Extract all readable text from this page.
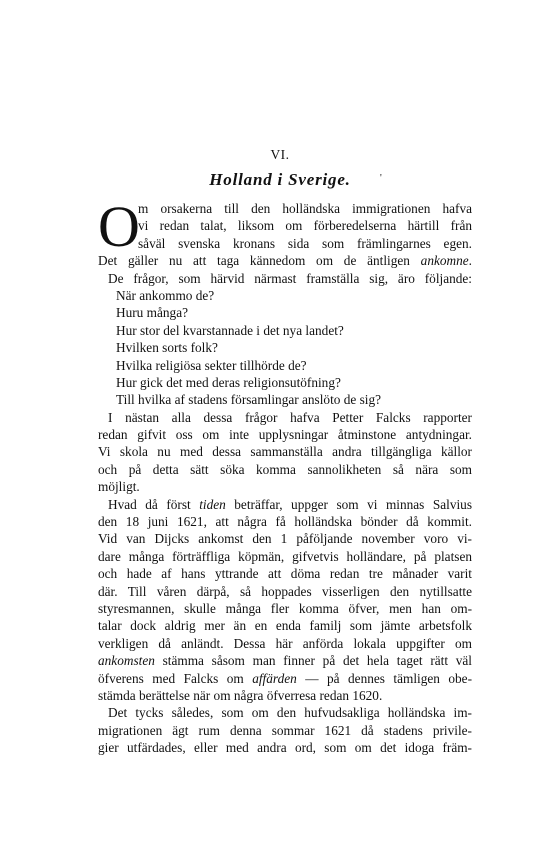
VI.
Holland i Sverige.	'
O
m orsakerna till den holländska immigrationen hafva
vi redan talat, liksom om förberedelserna härtill från
såväl svenska kronans sida som främlingarnes egen.
Det gäller nu att taga kännedom om de äntligen ankomne.
De frågor, som härvid närmast framställa sig, äro följande:
När ankommo de?
Huru många?
Hur stor del kvarstannade i det nya landet?
Hvilken sorts folk?
Hvilka religiösa sekter tillhörde de?
Hur gick det med deras religionsutöfning?
Till hvilka af stadens församlingar anslöto de sig?
I nästan alla dessa frågor hafva Petter Falcks rapporter
redan gifvit oss om inte upplysningar åtminstone antydningar.
Vi skola nu med dessa sammanställa andra tillgängliga källor
och på detta sätt söka komma sannolikheten så nära som
möjligt.
Hvad då först tiden beträffar, uppger som vi minnas Salvius
den 18 juni 1621, att några få holländska bönder då kommit.
Vid van Dijcks ankomst den 1 påföljande november voro vi-
dare många förträffliga köpmän, gifvetvis holländare, på platsen
och hade af hans yttrande att döma redan tre månader varit
där. Till våren därpå, så hoppades visserligen den nytillsatte
styresmannen, skulle många fler komma öfver, men han om-
talar dock aldrig mer än en enda familj som jämte arbetsfolk
verkligen då anländt. Dessa här anförda lokala uppgifter om
ankomsten stämma såsom man finner på det hela taget rätt väl
öfverens med Falcks om affärden — på dennes tämligen obe-
stämda berättelse när om några öfverresa redan 1620.
Det tycks således, som om den hufvudsakliga holländska im-
migrationen ägt rum denna sommar 1621 då stadens privile-
gier utfärdades, eller med andra ord, som om det idoga främ-
